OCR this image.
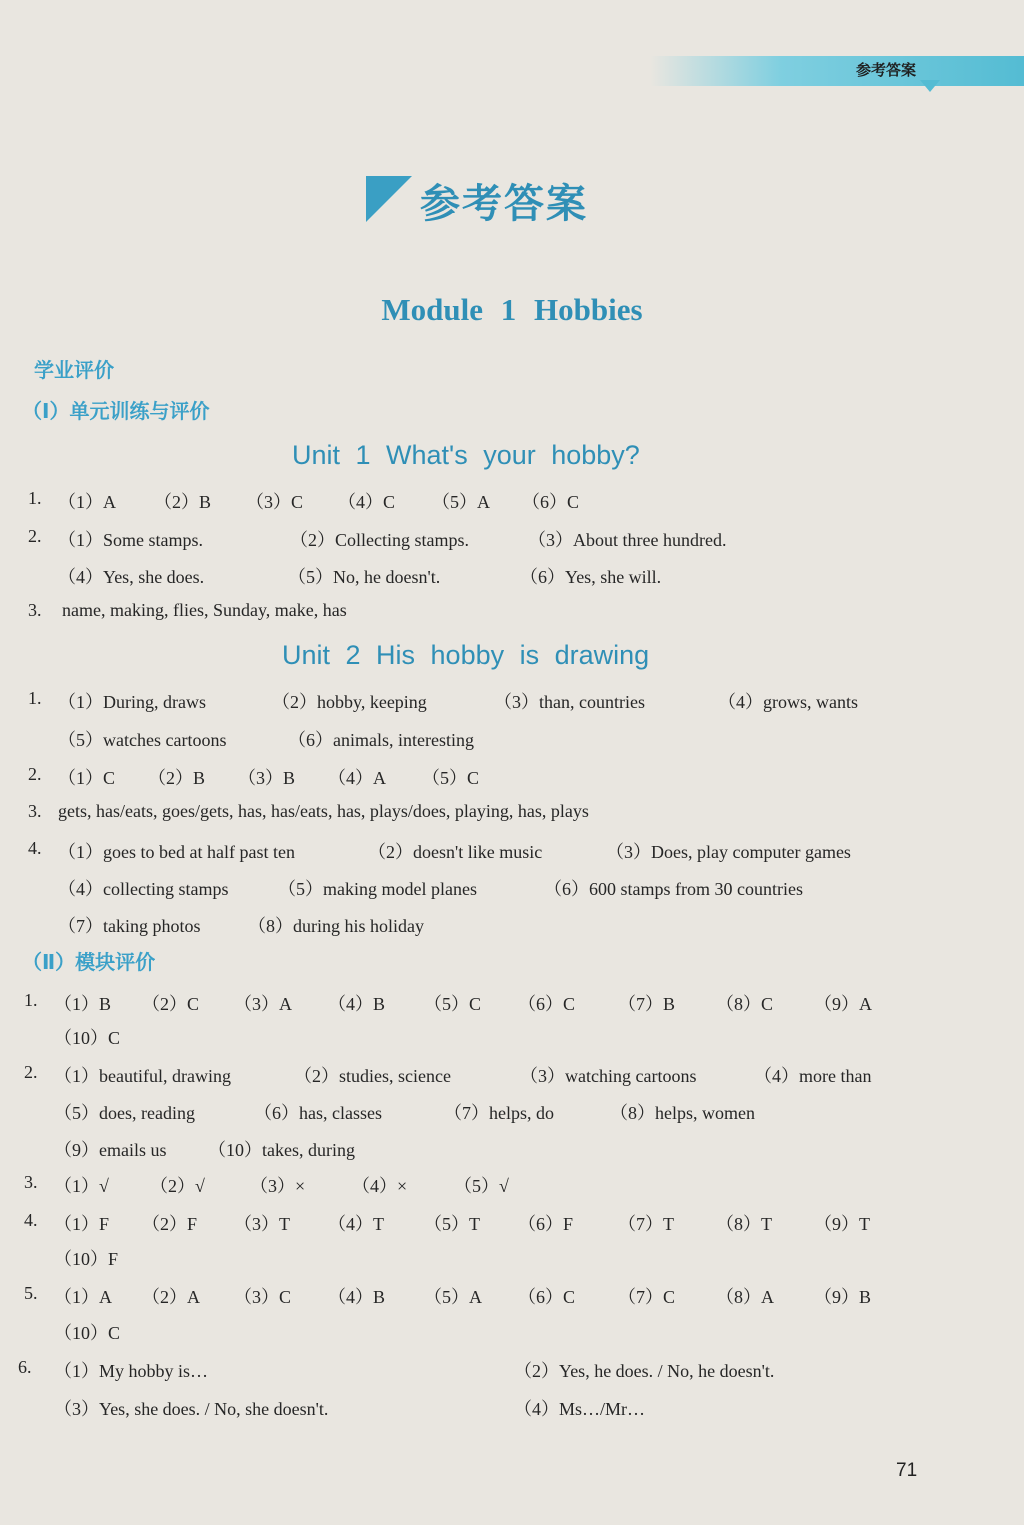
参考答案
参考答案
Module 1 Hobbies
学业评价
（Ⅰ）单元训练与评价
Unit 1 What's your hobby?
1. （1）A （2）B （3）C （4）C （5）A （6）C
2. （1）Some stamps.	（2）Collecting stamps.	（3）About three hundred.
（4）Yes, she does.	（5）No, he doesn't.	（6）Yes, she will.
3. name, making, flies, Sunday, make, has
Unit 2 His hobby is drawing
1. （1）During, draws	（2）hobby, keeping	（3）than, countries	（4）grows, wants
（5）watches cartoons	（6）animals, interesting
2. （1）C （2）B （3）B （4）A （5）C
3. gets, has/eats, goes/gets, has, has/eats, has, plays/does, playing, has, plays
4. （1）goes to bed at half past ten	（2）doesn't like music	（3）Does, play computer games
（4）collecting stamps	（5）making model planes	（6）600 stamps from 30 countries
（7）taking photos	（8）during his holiday
（Ⅱ）模块评价
1. （1）B （2）C （3）A （4）B （5）C （6）C （7）B （8）C （9）A
（10）C
2. （1）beautiful, drawing	（2）studies, science	（3）watching cartoons	（4）more than
（5）does, reading	（6）has, classes	（7）helps, do	（8）helps, women
（9）emails us （10）takes, during
3. （1）√ （2）√	（3）×	（4）×	（5）√
4. （1）F （2）F （3）T （4）T （5）T （6）F （7）T （8）T （9）T
（10）F
5. （1）A （2）A （3）C （4）B （5）A （6）C （7）C （8）A （9）B
（10）C
6. （1）My hobby is…	（2）Yes, he does. / No, he doesn't.
（3）Yes, she does. / No, she doesn't.	（4）Ms…/Mr…
71
